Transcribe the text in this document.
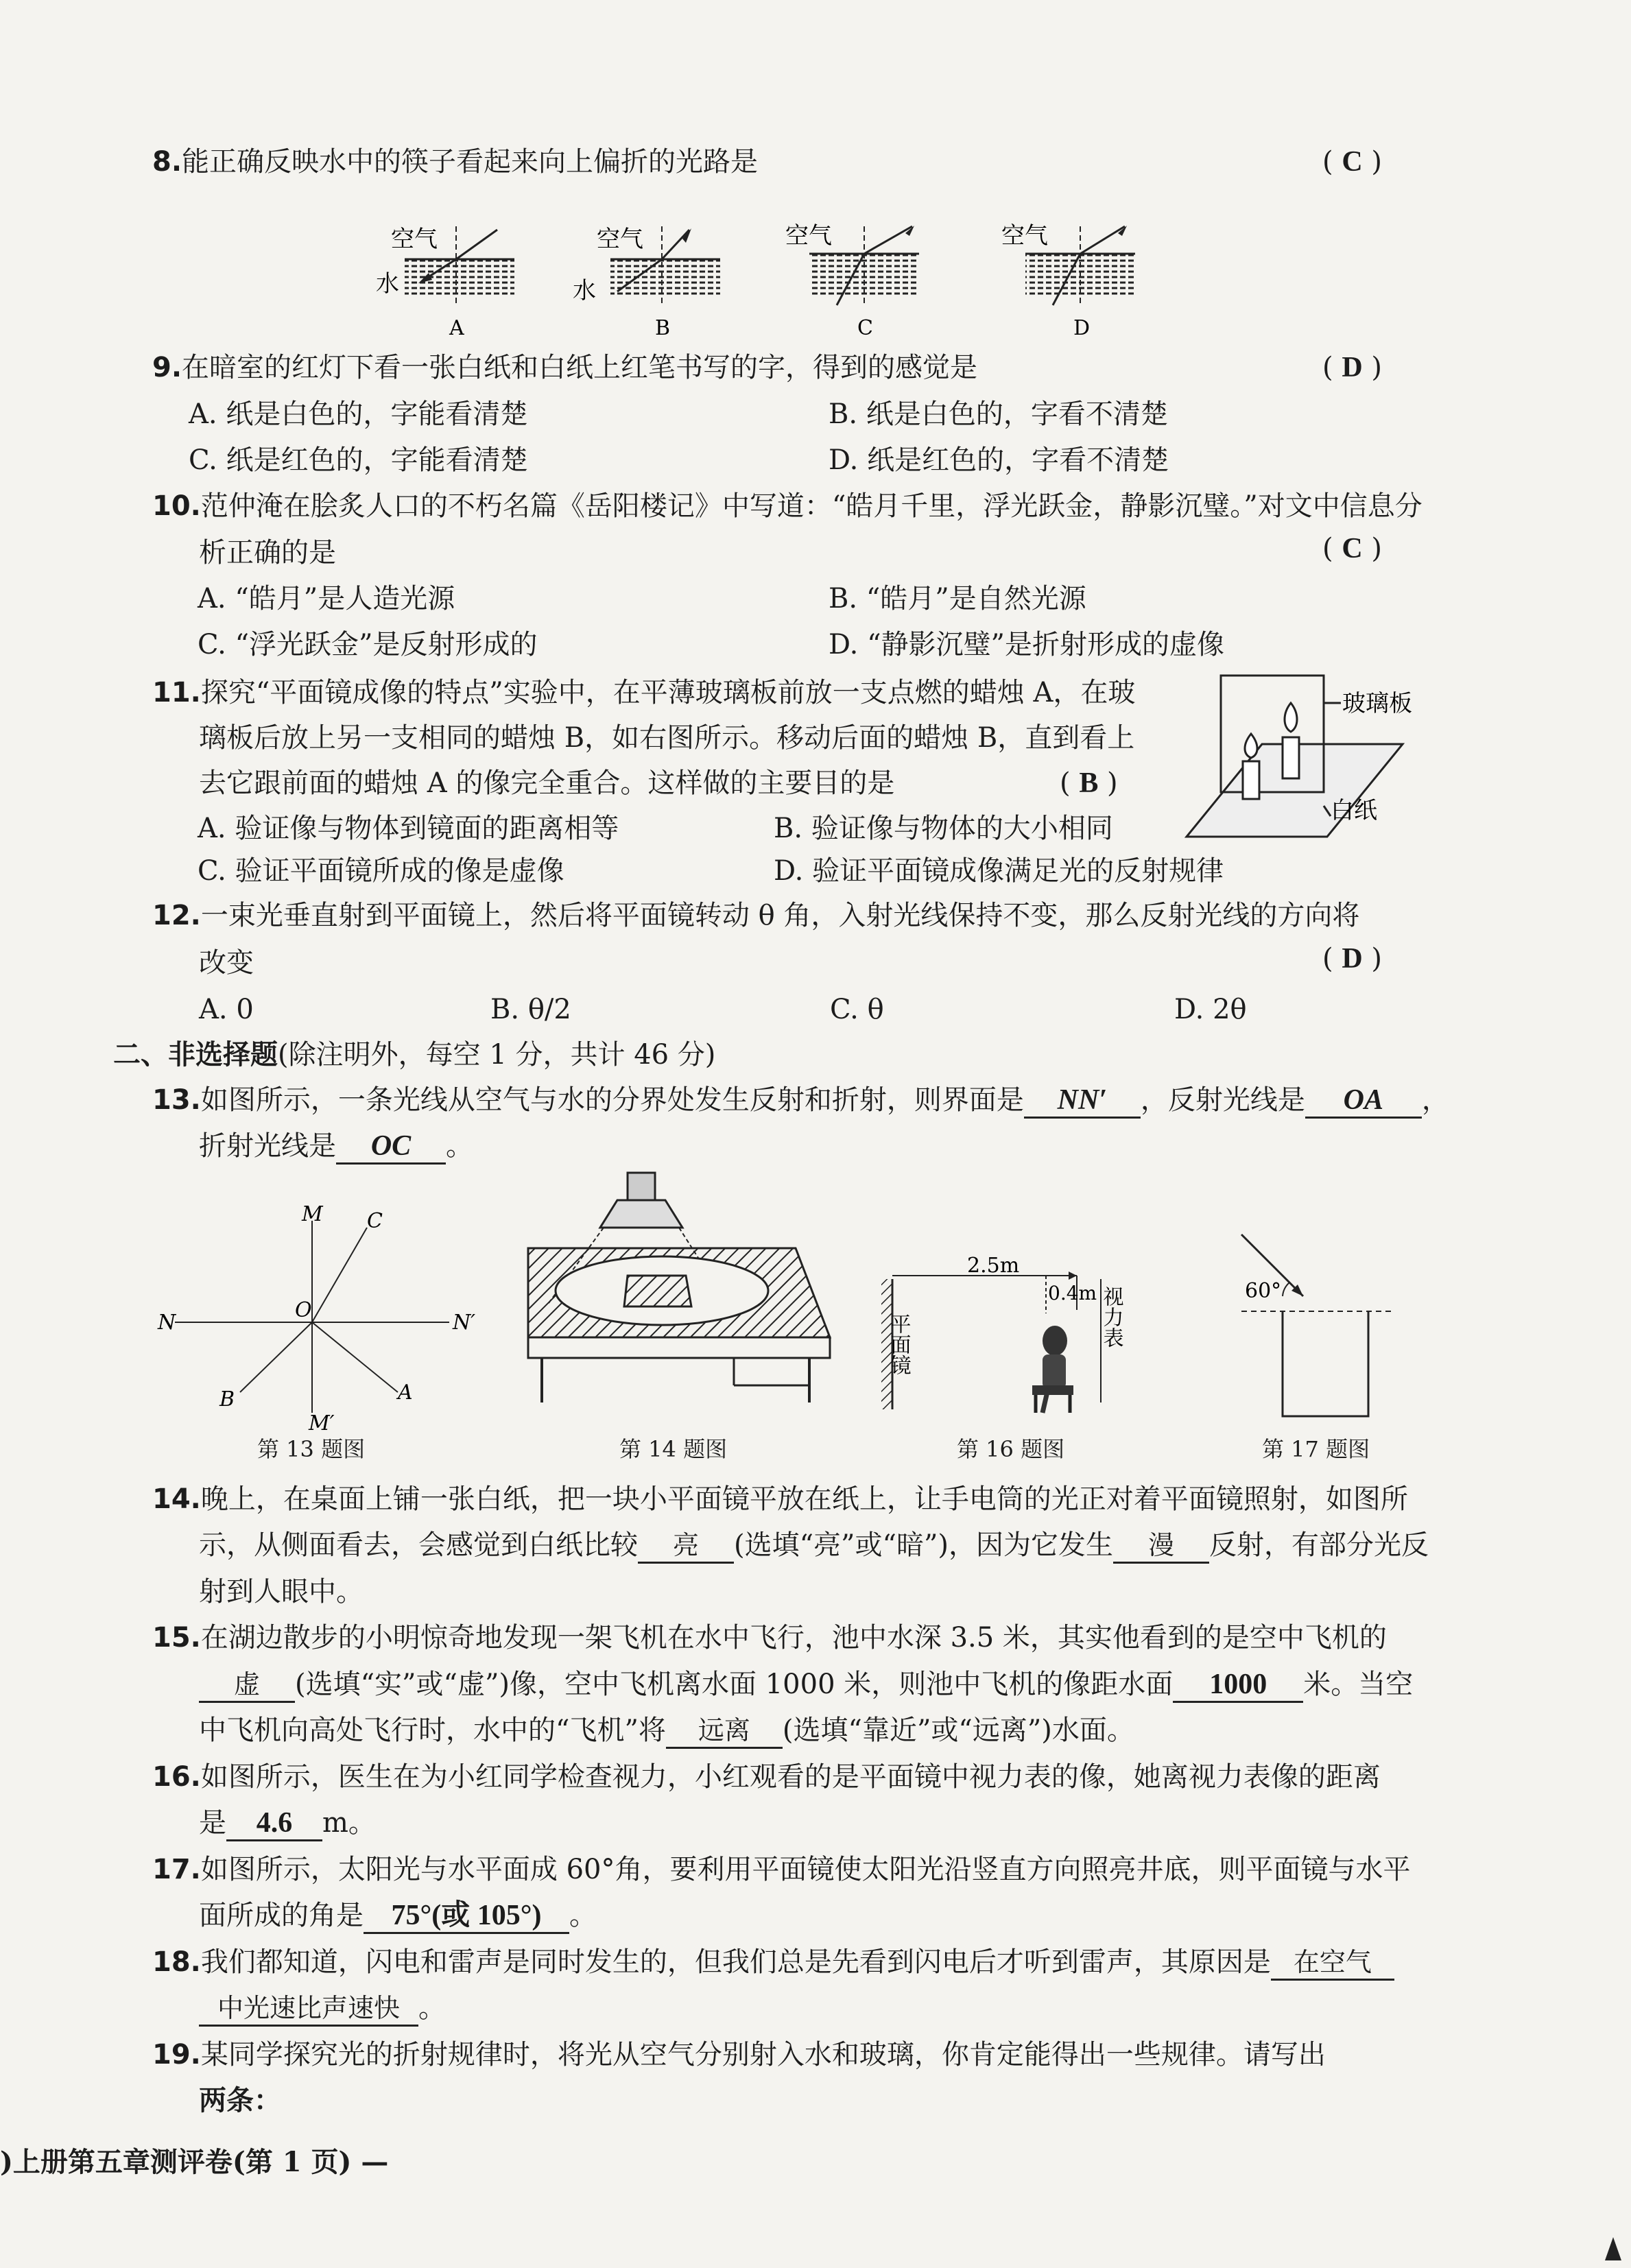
8.能正确反映水中的筷子看起来向上偏折的光路是	( C )
空气
水
A
空气
水
B
空气
C
空气
D
9.在暗室的红灯下看一张白纸和白纸上红笔书写的字，得到的感觉是	( D )
A. 纸是白色的，字能看清楚	B. 纸是白色的，字看不清楚
C. 纸是红色的，字能看清楚	D. 纸是红色的，字看不清楚
10.范仲淹在脍炙人口的不朽名篇《岳阳楼记》中写道：“皓月千里，浮光跃金，静影沉璧。”对文中信息分
析正确的是	( C )
A. “皓月”是人造光源	B. “皓月”是自然光源
C. “浮光跃金”是反射形成的	D. “静影沉璧”是折射形成的虚像
11.探究“平面镜成像的特点”实验中，在平薄玻璃板前放一支点燃的蜡烛 A，在玻
璃板后放上另一支相同的蜡烛 B，如右图所示。移动后面的蜡烛 B，直到看上
去它跟前面的蜡烛 A 的像完全重合。这样做的主要目的是	( B )
A. 验证像与物体到镜面的距离相等	B. 验证像与物体的大小相同
C. 验证平面镜所成的像是虚像	D. 验证平面镜成像满足光的反射规律
玻璃板
白纸
12.一束光垂直射到平面镜上，然后将平面镜转动 θ 角，入射光线保持不变，那么反射光线的方向将
改变	( D )
A. 0	B. θ/2	C. θ	D. 2θ
二、非选择题(除注明外，每空 1 分，共计 46 分)
13.如图所示，一条光线从空气与水的分界处发生反射和折射，则界面是 NN′ ，反射光线是 OA ，
折射光线是 OC 。
M C
N
O
N′
B
M′
A
第 13 题图	第 14 题图
2.5m
0.4m
平面镜	视力表
第 16 题图
60°
第 17 题图
14.晚上，在桌面上铺一张白纸，把一块小平面镜平放在纸上，让手电筒的光正对着平面镜照射，如图所
示，从侧面看去，会感觉到白纸比较 亮 (选填“亮”或“暗”)，因为它发生 漫 反射，有部分光反
射到人眼中。
15.在湖边散步的小明惊奇地发现一架飞机在水中飞行，池中水深 3.5 米，其实他看到的是空中飞机的
虚 (选填“实”或“虚”)像，空中飞机离水面 1000 米，则池中飞机的像距水面 1000 米。当空
中飞机向高处飞行时，水中的“飞机”将 远离 (选填“靠近”或“远离”)水面。
16.如图所示，医生在为小红同学检查视力，小红观看的是平面镜中视力表的像，她离视力表像的距离
是 4.6 m。
17.如图所示，太阳光与水平面成 60°角，要利用平面镜使太阳光沿竖直方向照亮井底，则平面镜与水平
面所成的角是 75°(或 105°) 。
18.我们都知道，闪电和雷声是同时发生的，但我们总是先看到闪电后才听到雷声，其原因是 在空气
中光速比声速快 。
19.某同学探究光的折射规律时，将光从空气分别射入水和玻璃，你肯定能得出一些规律。请写出
两条：
)上册第五章测评卷(第 1 页) —
